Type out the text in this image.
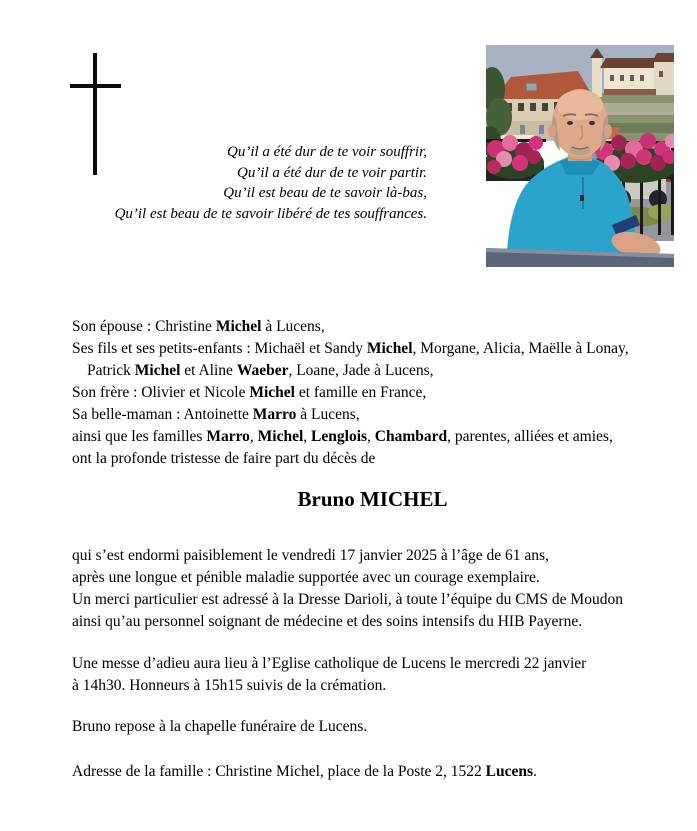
Qu’il a été dur de te voir souffrir,
Qu’il a été dur de te voir partir.
Qu’il est beau de te savoir là-bas,
Qu’il est beau de te savoir libéré de tes souffrances.
Son épouse : Christine Michel à Lucens,
Ses fils et ses petits-enfants : Michaël et Sandy Michel, Morgane, Alicia, Maëlle à Lonay,
Patrick Michel et Aline Waeber, Loane, Jade à Lucens,
Son frère : Olivier et Nicole Michel et famille en France,
Sa belle-maman : Antoinette Marro à Lucens,
ainsi que les familles Marro, Michel, Lenglois, Chambard, parentes, alliées et amies,
ont la profonde tristesse de faire part du décès de
Bruno MICHEL
qui s’est endormi paisiblement le vendredi 17 janvier 2025 à l’âge de 61 ans,
après une longue et pénible maladie supportée avec un courage exemplaire.
Un merci particulier est adressé à la Dresse Darioli, à toute l’équipe du CMS de Moudon
ainsi qu’au personnel soignant de médecine et des soins intensifs du HIB Payerne.
Une messe d’adieu aura lieu à l’Eglise catholique de Lucens le mercredi 22 janvier
à 14h30. Honneurs à 15h15 suivis de la crémation.
Bruno repose à la chapelle funéraire de Lucens.
Adresse de la famille : Christine Michel, place de la Poste 2, 1522 Lucens.
